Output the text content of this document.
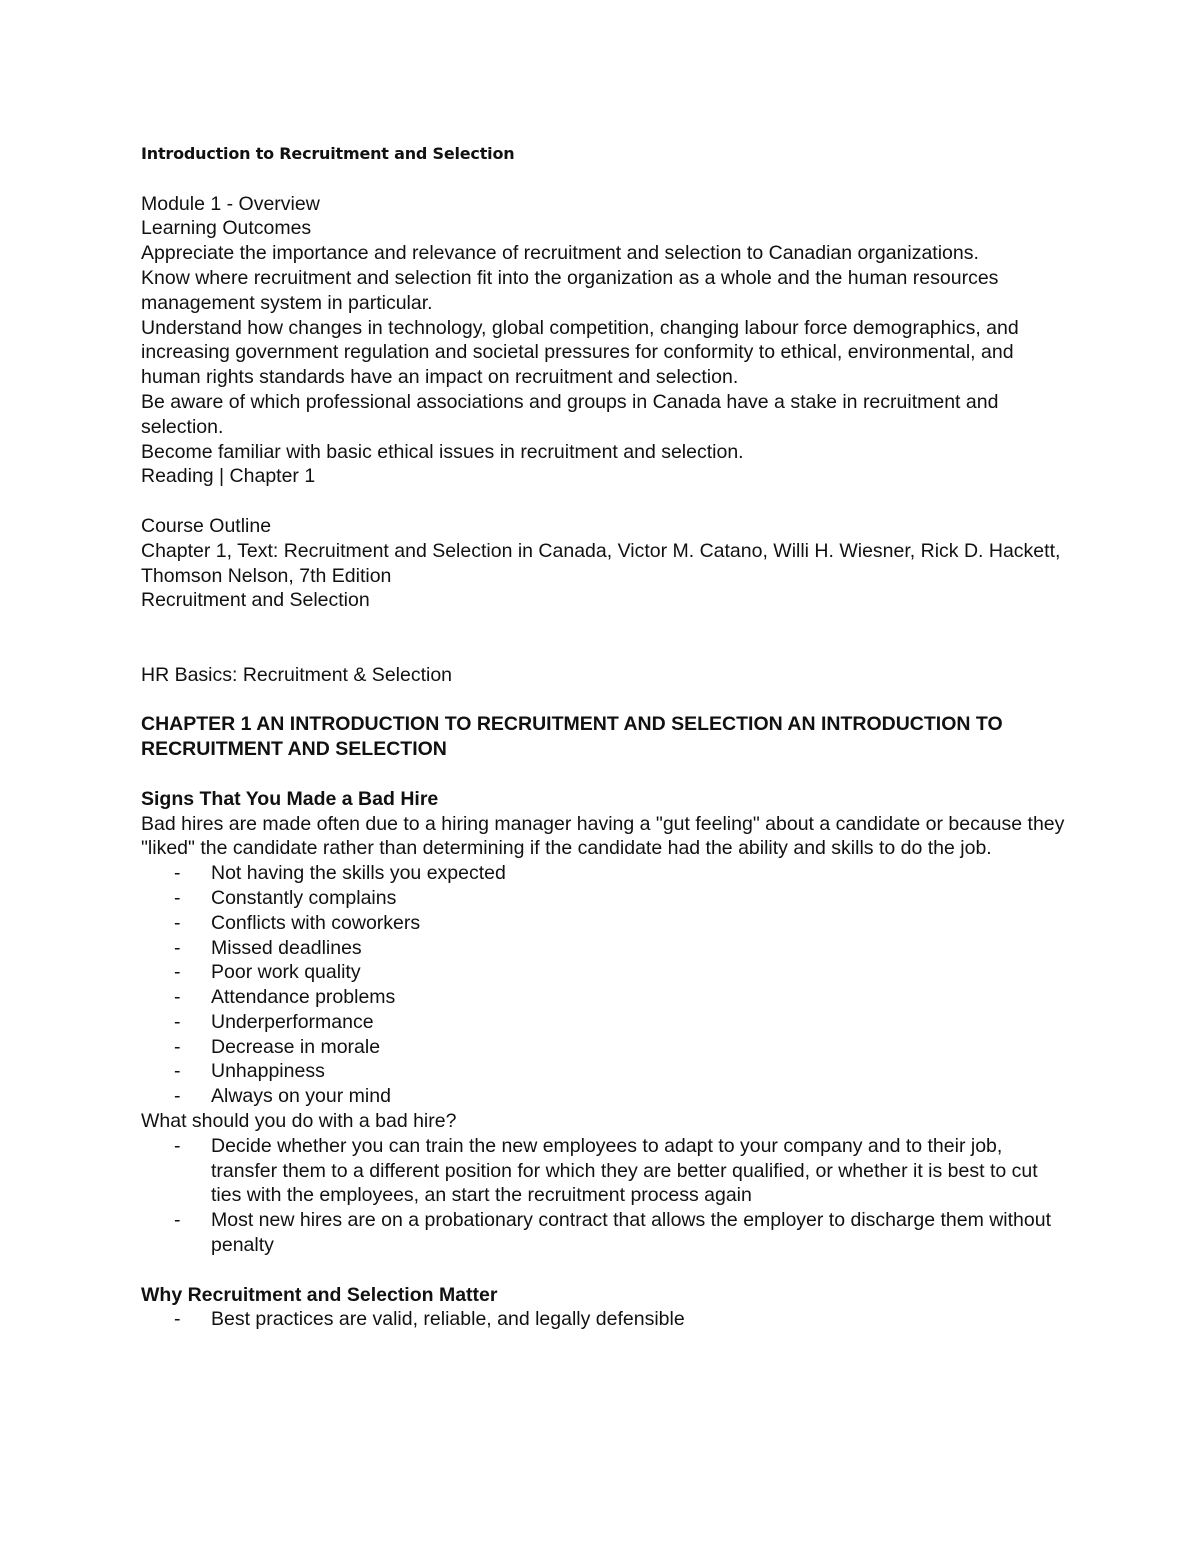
Introduction to Recruitment and Selection

Module 1 - Overview

Learning Outcomes

Appreciate the importance and relevance of recruitment and selection to Canadian organizations.

Know where recruitment and selection fit into the organization as a whole and the human resources management system in particular.

Understand how changes in technology, global competition, changing labour force demographics, and increasing government regulation and societal pressures for conformity to ethical, environmental, and human rights standards have an impact on recruitment and selection.

Be aware of which professional associations and groups in Canada have a stake in recruitment and selection.

Become familiar with basic ethical issues in recruitment and selection.

Reading | Chapter 1

Course Outline

Chapter 1, Text: Recruitment and Selection in Canada, Victor M. Catano, Willi H. Wiesner, Rick D. Hackett, Thomson Nelson, 7th Edition

Recruitment and Selection

HR Basics: Recruitment & Selection

CHAPTER 1 AN INTRODUCTION TO RECRUITMENT AND SELECTION AN INTRODUCTION TO RECRUITMENT AND SELECTION

Signs That You Made a Bad Hire

Bad hires are made often due to a hiring manager having a "gut feeling" about a candidate or because they "liked" the candidate rather than determining if the candidate had the ability and skills to do the job.

- Not having the skills you expected
- Constantly complains
- Conflicts with coworkers
- Missed deadlines
- Poor work quality
- Attendance problems
- Underperformance
- Decrease in morale
- Unhappiness
- Always on your mind

What should you do with a bad hire?

- Decide whether you can train the new employees to adapt to your company and to their job, transfer them to a different position for which they are better qualified, or whether it is best to cut ties with the employees, an start the recruitment process again
- Most new hires are on a probationary contract that allows the employer to discharge them without penalty

Why Recruitment and Selection Matter

- Best practices are valid, reliable, and legally defensible
